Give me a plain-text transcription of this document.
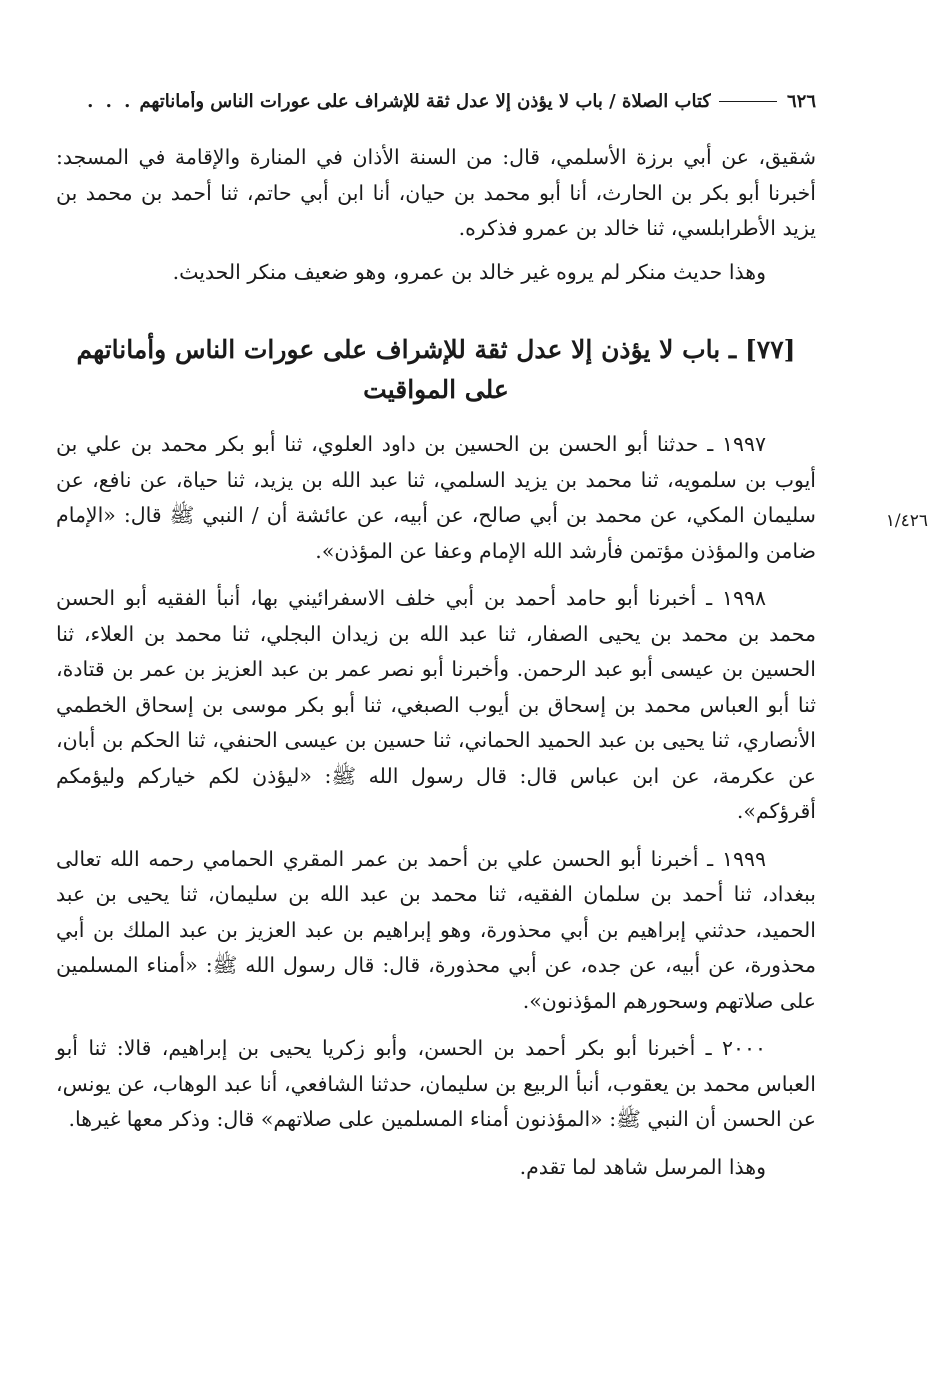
٦٢٦
كتاب الصلاة / باب لا يؤذن إلا عدل ثقة للإشراف على عورات الناس وأماناتهم
. . .

شقيق، عن أبي برزة الأسلمي، قال: من السنة الأذان في المنارة والإقامة في المسجد: أخبرنا أبو بكر بن الحارث، أنا أبو محمد بن حيان، أنا ابن أبي حاتم، ثنا أحمد بن محمد بن يزيد الأطرابلسي، ثنا خالد بن عمرو فذكره.

وهذا حديث منكر لم يروه غير خالد بن عمرو، وهو ضعيف منكر الحديث.

[٧٧] ـ باب لا يؤذن إلا عدل ثقة للإشراف على عورات الناس وأماناتهم على المواقيت
١/٤٢٦

١٩٩٧ ـ حدثنا أبو الحسن بن الحسين بن داود العلوي، ثنا أبو بكر محمد بن علي بن أيوب بن سلمويه، ثنا محمد بن يزيد السلمي، ثنا عبد الله بن يزيد، ثنا حياة، عن نافع، عن سليمان المكي، عن محمد بن أبي صالح، عن أبيه، عن عائشة أن / النبي ﷺ قال: «الإمام ضامن والمؤذن مؤتمن فأرشد الله الإمام وعفا عن المؤذن».

١٩٩٨ ـ أخبرنا أبو حامد أحمد بن أبي خلف الاسفرائيني بها، أنبأ الفقيه أبو الحسن محمد بن محمد بن يحيى الصفار، ثنا عبد الله بن زيدان البجلي، ثنا محمد بن العلاء، ثنا الحسين بن عيسى أبو عبد الرحمن. وأخبرنا أبو نصر عمر بن عبد العزيز بن عمر بن قتادة، ثنا أبو العباس محمد بن إسحاق بن أيوب الصبغي، ثنا أبو بكر موسى بن إسحاق الخطمي الأنصاري، ثنا يحيى بن عبد الحميد الحماني، ثنا حسين بن عيسى الحنفي، ثنا الحكم بن أبان، عن عكرمة، عن ابن عباس قال: قال رسول الله ﷺ: «ليؤذن لكم خياركم وليؤمكم أقرؤكم».

١٩٩٩ ـ أخبرنا أبو الحسن علي بن أحمد بن عمر المقري الحمامي رحمه الله تعالى ببغداد، ثنا أحمد بن سلمان الفقيه، ثنا محمد بن عبد الله بن سليمان، ثنا يحيى بن عبد الحميد، حدثني إبراهيم بن أبي محذورة، وهو إبراهيم بن عبد العزيز بن عبد الملك بن أبي محذورة، عن أبيه، عن جده، عن أبي محذورة، قال: قال رسول الله ﷺ: «أمناء المسلمين على صلاتهم وسحورهم المؤذنون».

٢٠٠٠ ـ أخبرنا أبو بكر أحمد بن الحسن، وأبو زكريا يحيى بن إبراهيم، قالا: ثنا أبو العباس محمد بن يعقوب، أنبأ الربيع بن سليمان، حدثنا الشافعي، أنا عبد الوهاب، عن يونس، عن الحسن أن النبي ﷺ: «المؤذنون أمناء المسلمين على صلاتهم» قال: وذكر معها غيرها.

وهذا المرسل شاهد لما تقدم.
